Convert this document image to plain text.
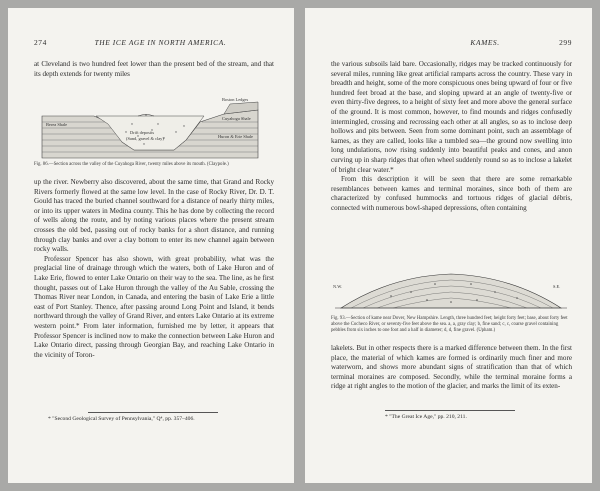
274	THE ICE AGE IN NORTH AMERICA.

at Cleveland is two hundred feet lower than the present bed of the stream, and that its depth extends for twenty miles

Berea Shale
Drift deposits
(Sand, gravel & clay)
Boston Ledges
Cuyahoga Shale
Huron & Erie Shale
Fig. 86.—Section across the valley of the Cuyahoga River, twenty miles above its mouth. (Claypole.)

up the river. Newberry also discovered, about the same time, that Grand and Rocky Rivers formerly flowed at the same low level. In the case of Rocky River, Dr. D. T. Gould has traced the buried channel southward for a distance of nearly thirty miles, or into its upper waters in Medina county. This he has done by collecting the record of wells along the route, and by noting various places where the present stream crosses the old bed, passing out of rocky banks for a short distance, and running through clay banks and over a clay bottom to enter its new channel again between rocky walls.

Professor Spencer has also shown, with great probability, what was the preglacial line of drainage through which the waters, both of Lake Huron and of Lake Erie, flowed to enter Lake Ontario on their way to the sea. The line, as he first thought, passes out of Lake Huron through the valley of the Au Sable, crossing the Thomas River near London, in Canada, and entering the basin of Lake Erie a little east of Port Stanley. Thence, after passing around Long Point and Island, it bends northward through the valley of Grand River, and enters Lake Ontario at its extreme western point.* From later information, furnished me by letter, it appears that Professor Spencer is inclined now to make the connection between Lake Huron and Lake Ontario direct, passing through Georgian Bay, and reaching Lake Ontario in the vicinity of Toron-

* "Second Geological Survey of Pennsylvania," Q⁴, pp. 357–406.
KAMES.	299

the various subsoils laid bare. Occasionally, ridges may be tracked continuously for several miles, running like great artificial ramparts across the country. These vary in breadth and height, some of the more conspicuous ones being upward of four or five hundred feet broad at the base, and sloping upward at an angle of twenty-five or even thirty-five degrees, to a height of sixty feet and more above the general surface of the ground. It is most common, however, to find mounds and ridges confusedly intermingled, crossing and recrossing each other at all angles, so as to inclose deep hollows and pits between. Seen from some dominant point, such an assemblage of kames, as they are called, looks like a tumbled sea—the ground now swelling into long undulations, now rising suddenly into beautiful peaks and cones, and anon curving up in sharp ridges that often wheel suddenly round so as to inclose a lakelet of bright clear water.*

From this description it will be seen that there are some remarkable resemblances between kames and terminal moraines, since both of them are characterized by confused hummocks and tortuous ridges of glacial débris, connected with numerous bowl-shaped depressions, often containing

N.W.	S.E.
Fig. 93.—Section of kame near Dover, New Hampshire. Length, three hundred feet; height forty feet; base, about forty feet above the Cocheco River, or seventy-five feet above the sea. a, a, gray clay; b, fine sand; c, c, coarse gravel containing pebbles from six inches to one foot and a half in diameter; d, d, fine gravel. (Upham.)

lakelets. But in other respects there is a marked difference between them. In the first place, the material of which kames are formed is ordinarily much finer and more waterworn, and shows more abundant signs of stratification than that of which terminal moraines are composed. Secondly, while the terminal moraine forms a ridge at right angles to the motion of the glacier, and marks the limit of its exten-

* "The Great Ice Age," pp. 210, 211.
